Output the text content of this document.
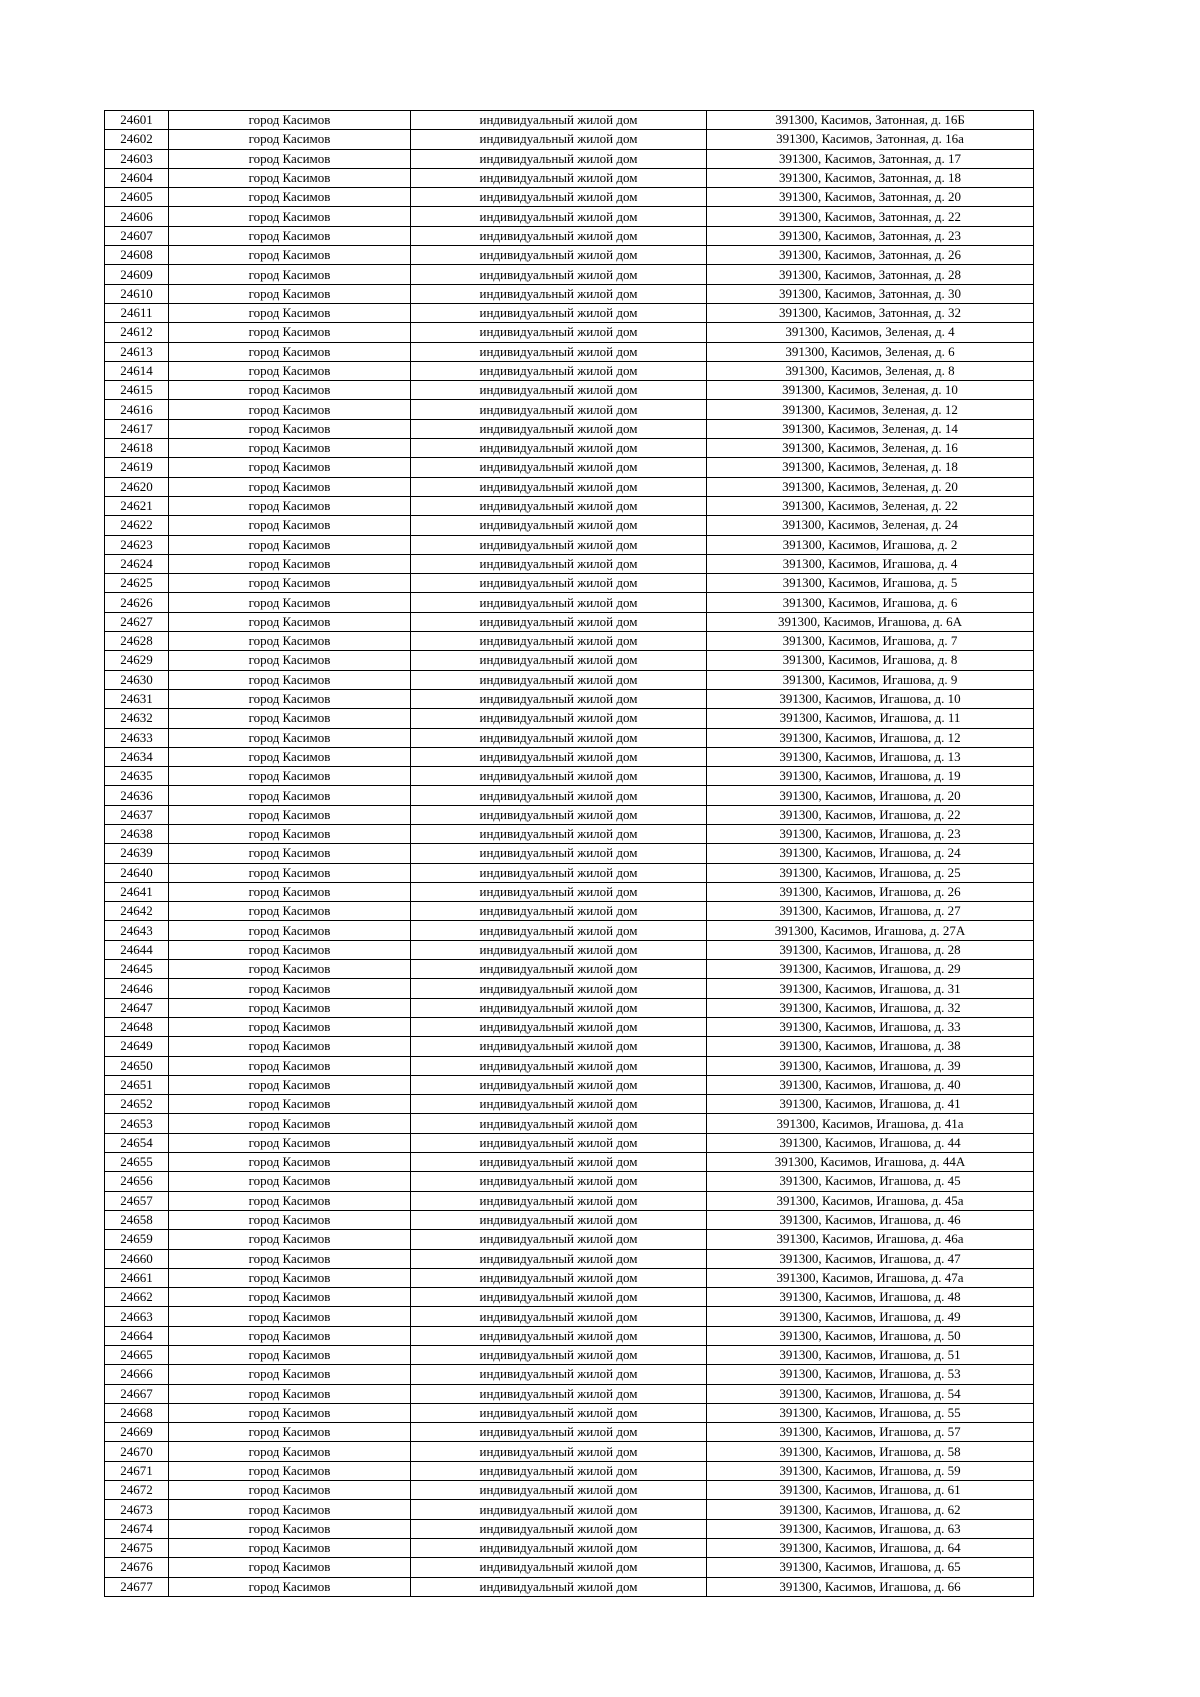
24601	город Касимов	индивидуальный жилой дом	391300, Касимов, Затонная, д. 16Б
24602	город Касимов	индивидуальный жилой дом	391300, Касимов, Затонная, д. 16а
24603	город Касимов	индивидуальный жилой дом	391300, Касимов, Затонная, д. 17
24604	город Касимов	индивидуальный жилой дом	391300, Касимов, Затонная, д. 18
24605	город Касимов	индивидуальный жилой дом	391300, Касимов, Затонная, д. 20
24606	город Касимов	индивидуальный жилой дом	391300, Касимов, Затонная, д. 22
24607	город Касимов	индивидуальный жилой дом	391300, Касимов, Затонная, д. 23
24608	город Касимов	индивидуальный жилой дом	391300, Касимов, Затонная, д. 26
24609	город Касимов	индивидуальный жилой дом	391300, Касимов, Затонная, д. 28
24610	город Касимов	индивидуальный жилой дом	391300, Касимов, Затонная, д. 30
24611	город Касимов	индивидуальный жилой дом	391300, Касимов, Затонная, д. 32
24612	город Касимов	индивидуальный жилой дом	391300, Касимов, Зеленая, д. 4
24613	город Касимов	индивидуальный жилой дом	391300, Касимов, Зеленая, д. 6
24614	город Касимов	индивидуальный жилой дом	391300, Касимов, Зеленая, д. 8
24615	город Касимов	индивидуальный жилой дом	391300, Касимов, Зеленая, д. 10
24616	город Касимов	индивидуальный жилой дом	391300, Касимов, Зеленая, д. 12
24617	город Касимов	индивидуальный жилой дом	391300, Касимов, Зеленая, д. 14
24618	город Касимов	индивидуальный жилой дом	391300, Касимов, Зеленая, д. 16
24619	город Касимов	индивидуальный жилой дом	391300, Касимов, Зеленая, д. 18
24620	город Касимов	индивидуальный жилой дом	391300, Касимов, Зеленая, д. 20
24621	город Касимов	индивидуальный жилой дом	391300, Касимов, Зеленая, д. 22
24622	город Касимов	индивидуальный жилой дом	391300, Касимов, Зеленая, д. 24
24623	город Касимов	индивидуальный жилой дом	391300, Касимов, Игашова, д. 2
24624	город Касимов	индивидуальный жилой дом	391300, Касимов, Игашова, д. 4
24625	город Касимов	индивидуальный жилой дом	391300, Касимов, Игашова, д. 5
24626	город Касимов	индивидуальный жилой дом	391300, Касимов, Игашова, д. 6
24627	город Касимов	индивидуальный жилой дом	391300, Касимов, Игашова, д. 6А
24628	город Касимов	индивидуальный жилой дом	391300, Касимов, Игашова, д. 7
24629	город Касимов	индивидуальный жилой дом	391300, Касимов, Игашова, д. 8
24630	город Касимов	индивидуальный жилой дом	391300, Касимов, Игашова, д. 9
24631	город Касимов	индивидуальный жилой дом	391300, Касимов, Игашова, д. 10
24632	город Касимов	индивидуальный жилой дом	391300, Касимов, Игашова, д. 11
24633	город Касимов	индивидуальный жилой дом	391300, Касимов, Игашова, д. 12
24634	город Касимов	индивидуальный жилой дом	391300, Касимов, Игашова, д. 13
24635	город Касимов	индивидуальный жилой дом	391300, Касимов, Игашова, д. 19
24636	город Касимов	индивидуальный жилой дом	391300, Касимов, Игашова, д. 20
24637	город Касимов	индивидуальный жилой дом	391300, Касимов, Игашова, д. 22
24638	город Касимов	индивидуальный жилой дом	391300, Касимов, Игашова, д. 23
24639	город Касимов	индивидуальный жилой дом	391300, Касимов, Игашова, д. 24
24640	город Касимов	индивидуальный жилой дом	391300, Касимов, Игашова, д. 25
24641	город Касимов	индивидуальный жилой дом	391300, Касимов, Игашова, д. 26
24642	город Касимов	индивидуальный жилой дом	391300, Касимов, Игашова, д. 27
24643	город Касимов	индивидуальный жилой дом	391300, Касимов, Игашова, д. 27А
24644	город Касимов	индивидуальный жилой дом	391300, Касимов, Игашова, д. 28
24645	город Касимов	индивидуальный жилой дом	391300, Касимов, Игашова, д. 29
24646	город Касимов	индивидуальный жилой дом	391300, Касимов, Игашова, д. 31
24647	город Касимов	индивидуальный жилой дом	391300, Касимов, Игашова, д. 32
24648	город Касимов	индивидуальный жилой дом	391300, Касимов, Игашова, д. 33
24649	город Касимов	индивидуальный жилой дом	391300, Касимов, Игашова, д. 38
24650	город Касимов	индивидуальный жилой дом	391300, Касимов, Игашова, д. 39
24651	город Касимов	индивидуальный жилой дом	391300, Касимов, Игашова, д. 40
24652	город Касимов	индивидуальный жилой дом	391300, Касимов, Игашова, д. 41
24653	город Касимов	индивидуальный жилой дом	391300, Касимов, Игашова, д. 41а
24654	город Касимов	индивидуальный жилой дом	391300, Касимов, Игашова, д. 44
24655	город Касимов	индивидуальный жилой дом	391300, Касимов, Игашова, д. 44А
24656	город Касимов	индивидуальный жилой дом	391300, Касимов, Игашова, д. 45
24657	город Касимов	индивидуальный жилой дом	391300, Касимов, Игашова, д. 45а
24658	город Касимов	индивидуальный жилой дом	391300, Касимов, Игашова, д. 46
24659	город Касимов	индивидуальный жилой дом	391300, Касимов, Игашова, д. 46а
24660	город Касимов	индивидуальный жилой дом	391300, Касимов, Игашова, д. 47
24661	город Касимов	индивидуальный жилой дом	391300, Касимов, Игашова, д. 47а
24662	город Касимов	индивидуальный жилой дом	391300, Касимов, Игашова, д. 48
24663	город Касимов	индивидуальный жилой дом	391300, Касимов, Игашова, д. 49
24664	город Касимов	индивидуальный жилой дом	391300, Касимов, Игашова, д. 50
24665	город Касимов	индивидуальный жилой дом	391300, Касимов, Игашова, д. 51
24666	город Касимов	индивидуальный жилой дом	391300, Касимов, Игашова, д. 53
24667	город Касимов	индивидуальный жилой дом	391300, Касимов, Игашова, д. 54
24668	город Касимов	индивидуальный жилой дом	391300, Касимов, Игашова, д. 55
24669	город Касимов	индивидуальный жилой дом	391300, Касимов, Игашова, д. 57
24670	город Касимов	индивидуальный жилой дом	391300, Касимов, Игашова, д. 58
24671	город Касимов	индивидуальный жилой дом	391300, Касимов, Игашова, д. 59
24672	город Касимов	индивидуальный жилой дом	391300, Касимов, Игашова, д. 61
24673	город Касимов	индивидуальный жилой дом	391300, Касимов, Игашова, д. 62
24674	город Касимов	индивидуальный жилой дом	391300, Касимов, Игашова, д. 63
24675	город Касимов	индивидуальный жилой дом	391300, Касимов, Игашова, д. 64
24676	город Касимов	индивидуальный жилой дом	391300, Касимов, Игашова, д. 65
24677	город Касимов	индивидуальный жилой дом	391300, Касимов, Игашова, д. 66
